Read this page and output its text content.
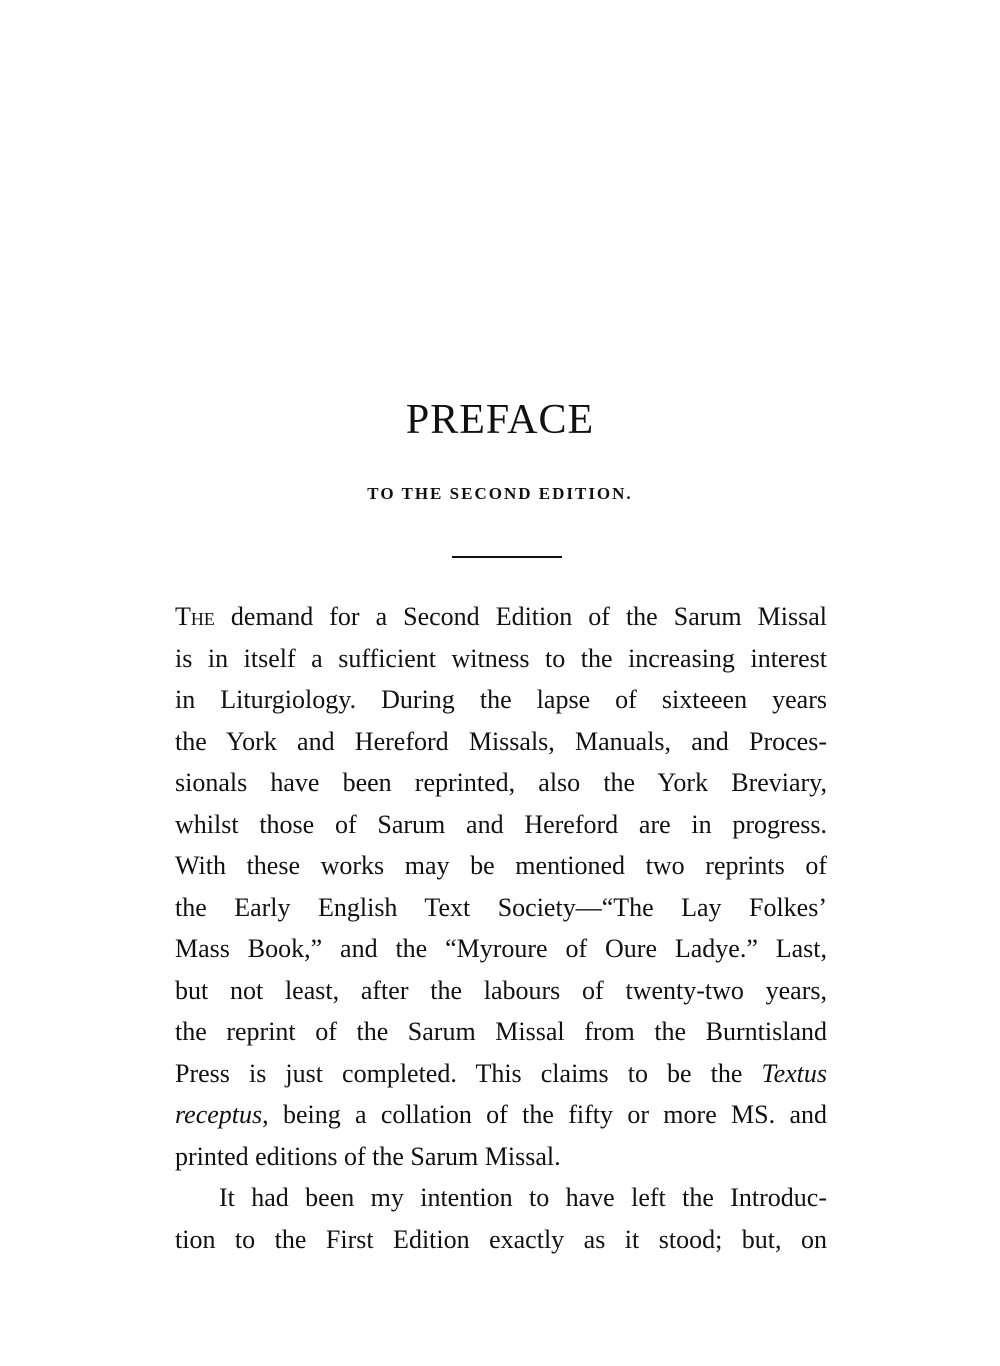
PREFACE
TO THE SECOND EDITION.
The demand for a Second Edition of the Sarum Missal
is in itself a sufficient witness to the increasing interest
in Liturgiology. During the lapse of sixteeen years
the York and Hereford Missals, Manuals, and Proces-
sionals have been reprinted, also the York Breviary,
whilst those of Sarum and Hereford are in progress.
With these works may be mentioned two reprints of
the Early English Text Society—“The Lay Folkes’
Mass Book,” and the “Myroure of Oure Ladye.” Last,
but not least, after the labours of twenty-two years,
the reprint of the Sarum Missal from the Burntisland
Press is just completed. This claims to be the Textus
receptus, being a collation of the fifty or more MS. and
printed editions of the Sarum Missal.
It had been my intention to have left the Introduc-
tion to the First Edition exactly as it stood; but, on
